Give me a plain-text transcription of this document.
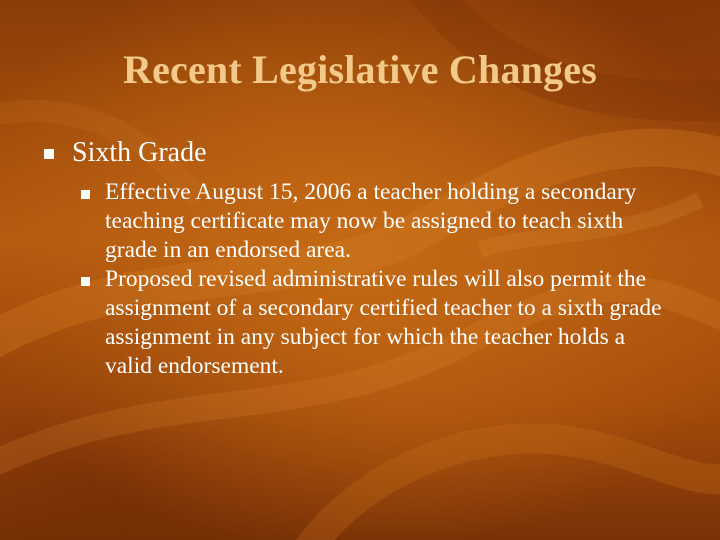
Recent Legislative Changes
Sixth Grade
Effective August 15, 2006 a teacher holding a secondary teaching certificate may now be assigned to teach sixth grade in an endorsed area.
Proposed revised administrative rules will also permit the assignment of a secondary certified teacher to a sixth grade assignment in any subject for which the teacher holds a valid endorsement.
